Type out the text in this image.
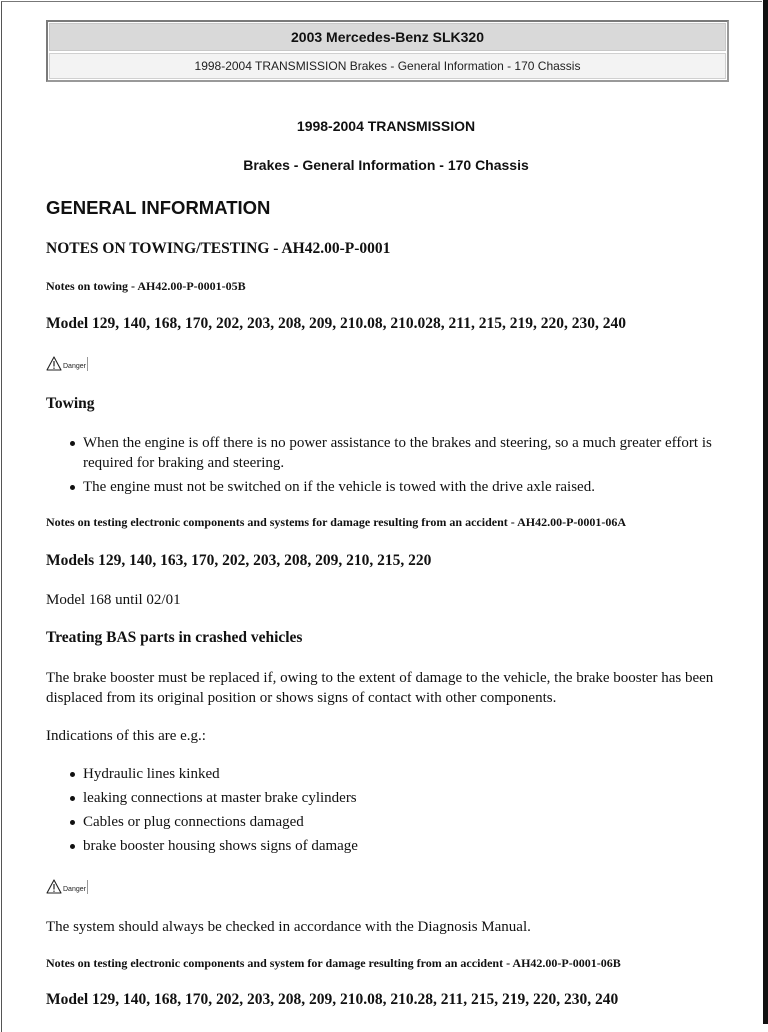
2003 Mercedes-Benz SLK320
1998-2004 TRANSMISSION Brakes - General Information - 170 Chassis
1998-2004 TRANSMISSION
Brakes - General Information - 170 Chassis
GENERAL INFORMATION
NOTES ON TOWING/TESTING - AH42.00-P-0001
Notes on towing - AH42.00-P-0001-05B
Model 129, 140, 168, 170, 202, 203, 208, 209, 210.08, 210.028, 211, 215, 219, 220, 230, 240
Danger
Towing
When the engine is off there is no power assistance to the brakes and steering, so a much greater effort is required for braking and steering.
The engine must not be switched on if the vehicle is towed with the drive axle raised.
Notes on testing electronic components and systems for damage resulting from an accident - AH42.00-P-0001-06A
Models 129, 140, 163, 170, 202, 203, 208, 209, 210, 215, 220
Model 168 until 02/01
Treating BAS parts in crashed vehicles
The brake booster must be replaced if, owing to the extent of damage to the vehicle, the brake booster has been displaced from its original position or shows signs of contact with other components.
Indications of this are e.g.:
Hydraulic lines kinked
leaking connections at master brake cylinders
Cables or plug connections damaged
brake booster housing shows signs of damage
Danger
The system should always be checked in accordance with the Diagnosis Manual.
Notes on testing electronic components and system for damage resulting from an accident - AH42.00-P-0001-06B
Model 129, 140, 168, 170, 202, 203, 208, 209, 210.08, 210.28, 211, 215, 219, 220, 230, 240
